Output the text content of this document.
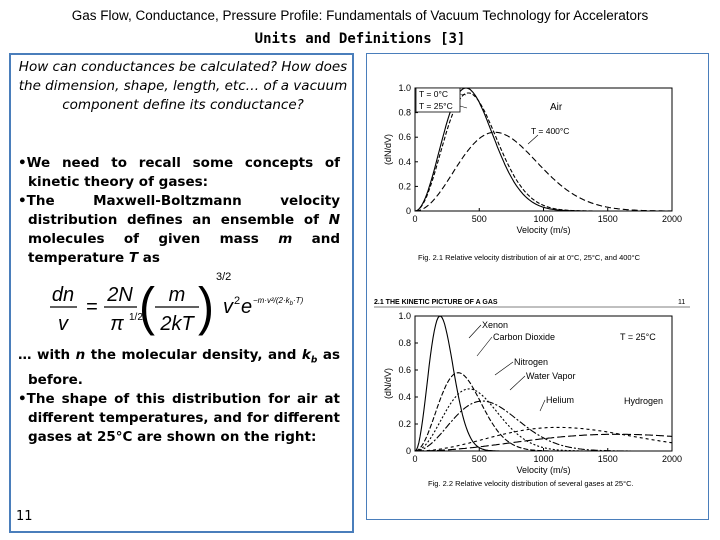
Gas Flow, Conductance, Pressure Profile: Fundamentals of Vacuum Technology for Accelerators
Units and Definitions [3]
How can conductances be calculated? How does the dimension, shape, length, etc… of a vacuum component define its conductance?
•We need to recall some concepts of kinetic theory of gases:
•The Maxwell-Boltzmann velocity distribution defines an ensemble of N molecules of given mass m and temperature T as
dn
v
=
2N
π 1/2
( m
2kT ) 3/2
v 2 $e -m\cdot v^2/(2\cdot k_b\cdot T)$
… with n the molecular density, and $k_b$ as before.
•The shape of this distribution for air at different temperatures, and for different gases at 25°C are shown on the right:
11
0	500	1000	1500	2000
0
0.2
0.4
0.6
0.8
1.0
Velocity (m/s)
(dN/dV)
T = 0°C
T = 25°C	Air
T = 400°C
Fig. 2.1 Relative velocity distribution of air at 0°C, 25°C, and 400°C
2.1 THE KINETIC PICTURE OF A GAS	11
0	500	1000	1500	2000
0
0.2
0.4
0.6
0.8
1.0
Velocity (m/s)
(dN/dV)
Xenon
Carbon Dioxide
Nitrogen
Water Vapor
Helium	Hydrogen
T = 25°C
Fig. 2.2 Relative velocity distribution of several gases at 25°C.
